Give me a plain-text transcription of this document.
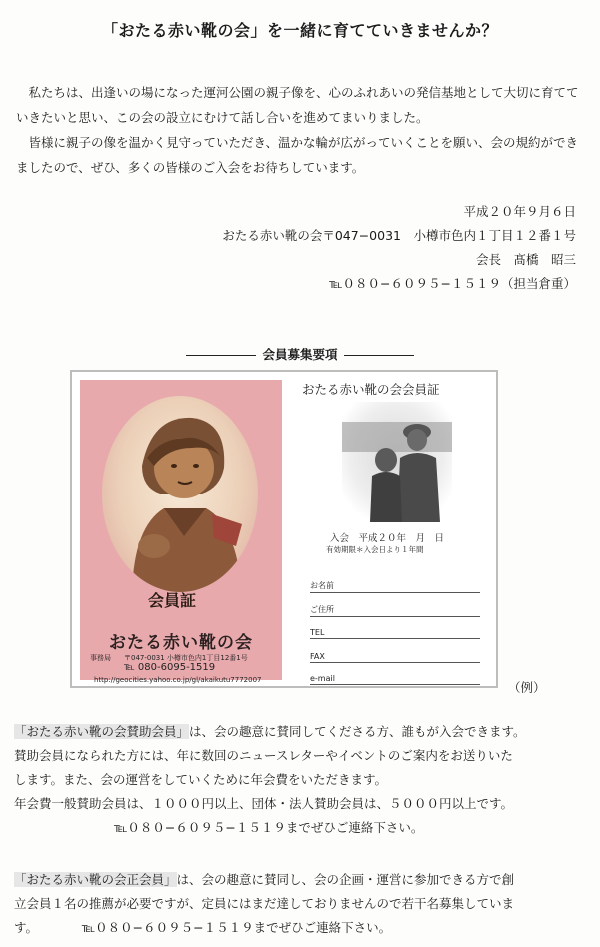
「おたる赤い靴の会」を一緒に育てていきませんか？

私たちは、出逢いの場になった運河公園の親子像を、心のふれあいの発信基地として大切に育てていきたいと思い、この会の設立にむけて話し合いを進めてまいりました。

皆様に親子の像を温かく見守っていただき、温かな輪が広がっていくことを願い、会の規約ができましたので、ぜひ、多くの皆様のご入会をお待ちしています。

平成２０年９月６日
おたる赤い靴の会〒047−0031　小樽市色内１丁目１２番１号
会長　髙橋　昭三
℡０８０−６０９５−１５１９（担当倉重）
会員募集要項
会員証
おたる赤い靴の会
事務局 〒047-0031 小樽市色内1丁目12番1号
℡ 080-6095-1519
http://geocities.yahoo.co.jp/gl/akaikutu7772007
おたる赤い靴の会会員証
入会　平成２０年　月　日
有効期限＊入会日より１年間
お名前
ご住所
TEL
FAX
e-mail
（例）

「おたる赤い靴の会賛助会員」は、会の趣意に賛同してくださる方、誰もが入会できます。

賛助会員になられた方には、年に数回のニュースレターやイベントのご案内をお送りいた

します。また、会の運営をしていくために年会費をいただきます。

年会費一般賛助会員は、１０００円以上、団体・法人賛助会員は、５０００円以上です。

℡０８０−６０９５−１５１９までぜひご連絡下さい。

「おたる赤い靴の会正会員」は、会の趣意に賛同し、会の企画・運営に参加できる方で創

立会員１名の推薦が必要ですが、定員にはまだ達しておりませんので若干名募集していま

す。　　　　℡０８０−６０９５−１５１９までぜひご連絡下さい。
